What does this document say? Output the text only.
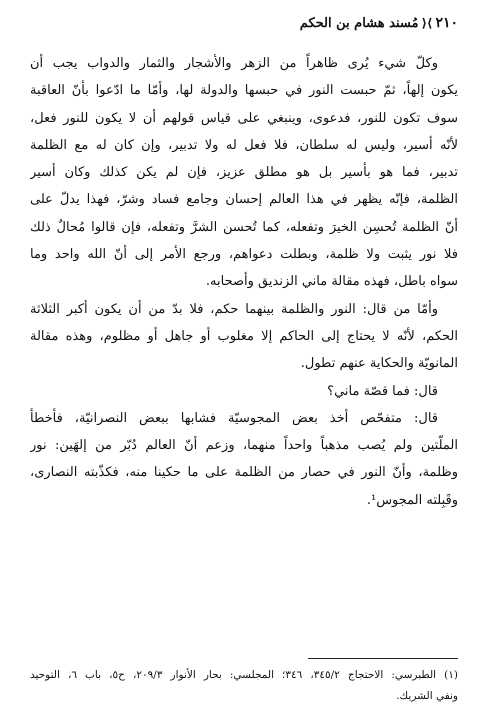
٢١٠
⟩⟨
مُسند هشام بن الحكم
وكلّ شيء يُرى ظاهراً من الزهر والأشجار والثمار والدواب يجب أن
يكون إلهاً، ثمّ حبست النور في حبسها والدولة لها، وأمّا ما ادّعوا بأنّ العاقبة
سوف تكون للنور، فدعوى، وينبغي على قياس قولهم أن لا يكون للنور فعل،
لأنّه أسير، وليس له سلطان، فلا فعل له ولا تدبير، وإن كان له مع الظلمة
تدبير، فما هو بأسير بل هو مطلق عزيز، فإن لم يكن كذلك وكان أسير
الظلمة، فإنّه يظهر في هذا العالم إحسان وجامع فساد وشرّ، فهذا يدلّ على
أنّ الظلمة تُحسِن الخيرَ وتفعله، كما تُحسن الشرَّ وتفعله، فإن قالوا مُحالٌ ذلك
فلا نور يثبت ولا ظلمة، وبطلت دعواهم، ورجع الأمر إلى أنّ الله واحد وما
سواه باطل، فهذه مقالة ماني الزنديق وأصحابه.
وأمّا من قال: النور والظلمة بينهما حكم، فلا بدّ من أن يكون أكبر الثلاثة
الحكم، لأنّه لا يحتاج إلى الحاكم إلا مغلوب أو جاهل أو مظلوم، وهذه مقالة
المانويّة والحكاية عنهم تطول.
قال: فما قصّة ماني؟
قال: متفحّص أخذ بعض المجوسيّة فشابها ببعض النصرانيّة، فأخطأ
الملّتين ولم يُصب مذهباً واحداً منهما، وزعم أنّ العالم دُبّر من إلهَين: نور
وظلمة، وأنّ النور في حصار من الظلمة على ما حكينا منه، فكذّبته النصارى،
وقَبِلته المجوس¹.
(١) الطبرسي: الاحتجاج ٣٤٥/٢، ٣٤٦؛ المجلسي: بحار الأنوار ٢٠٩/٣، ح٥، باب ٦، التوحيد
ونفي الشريك.
